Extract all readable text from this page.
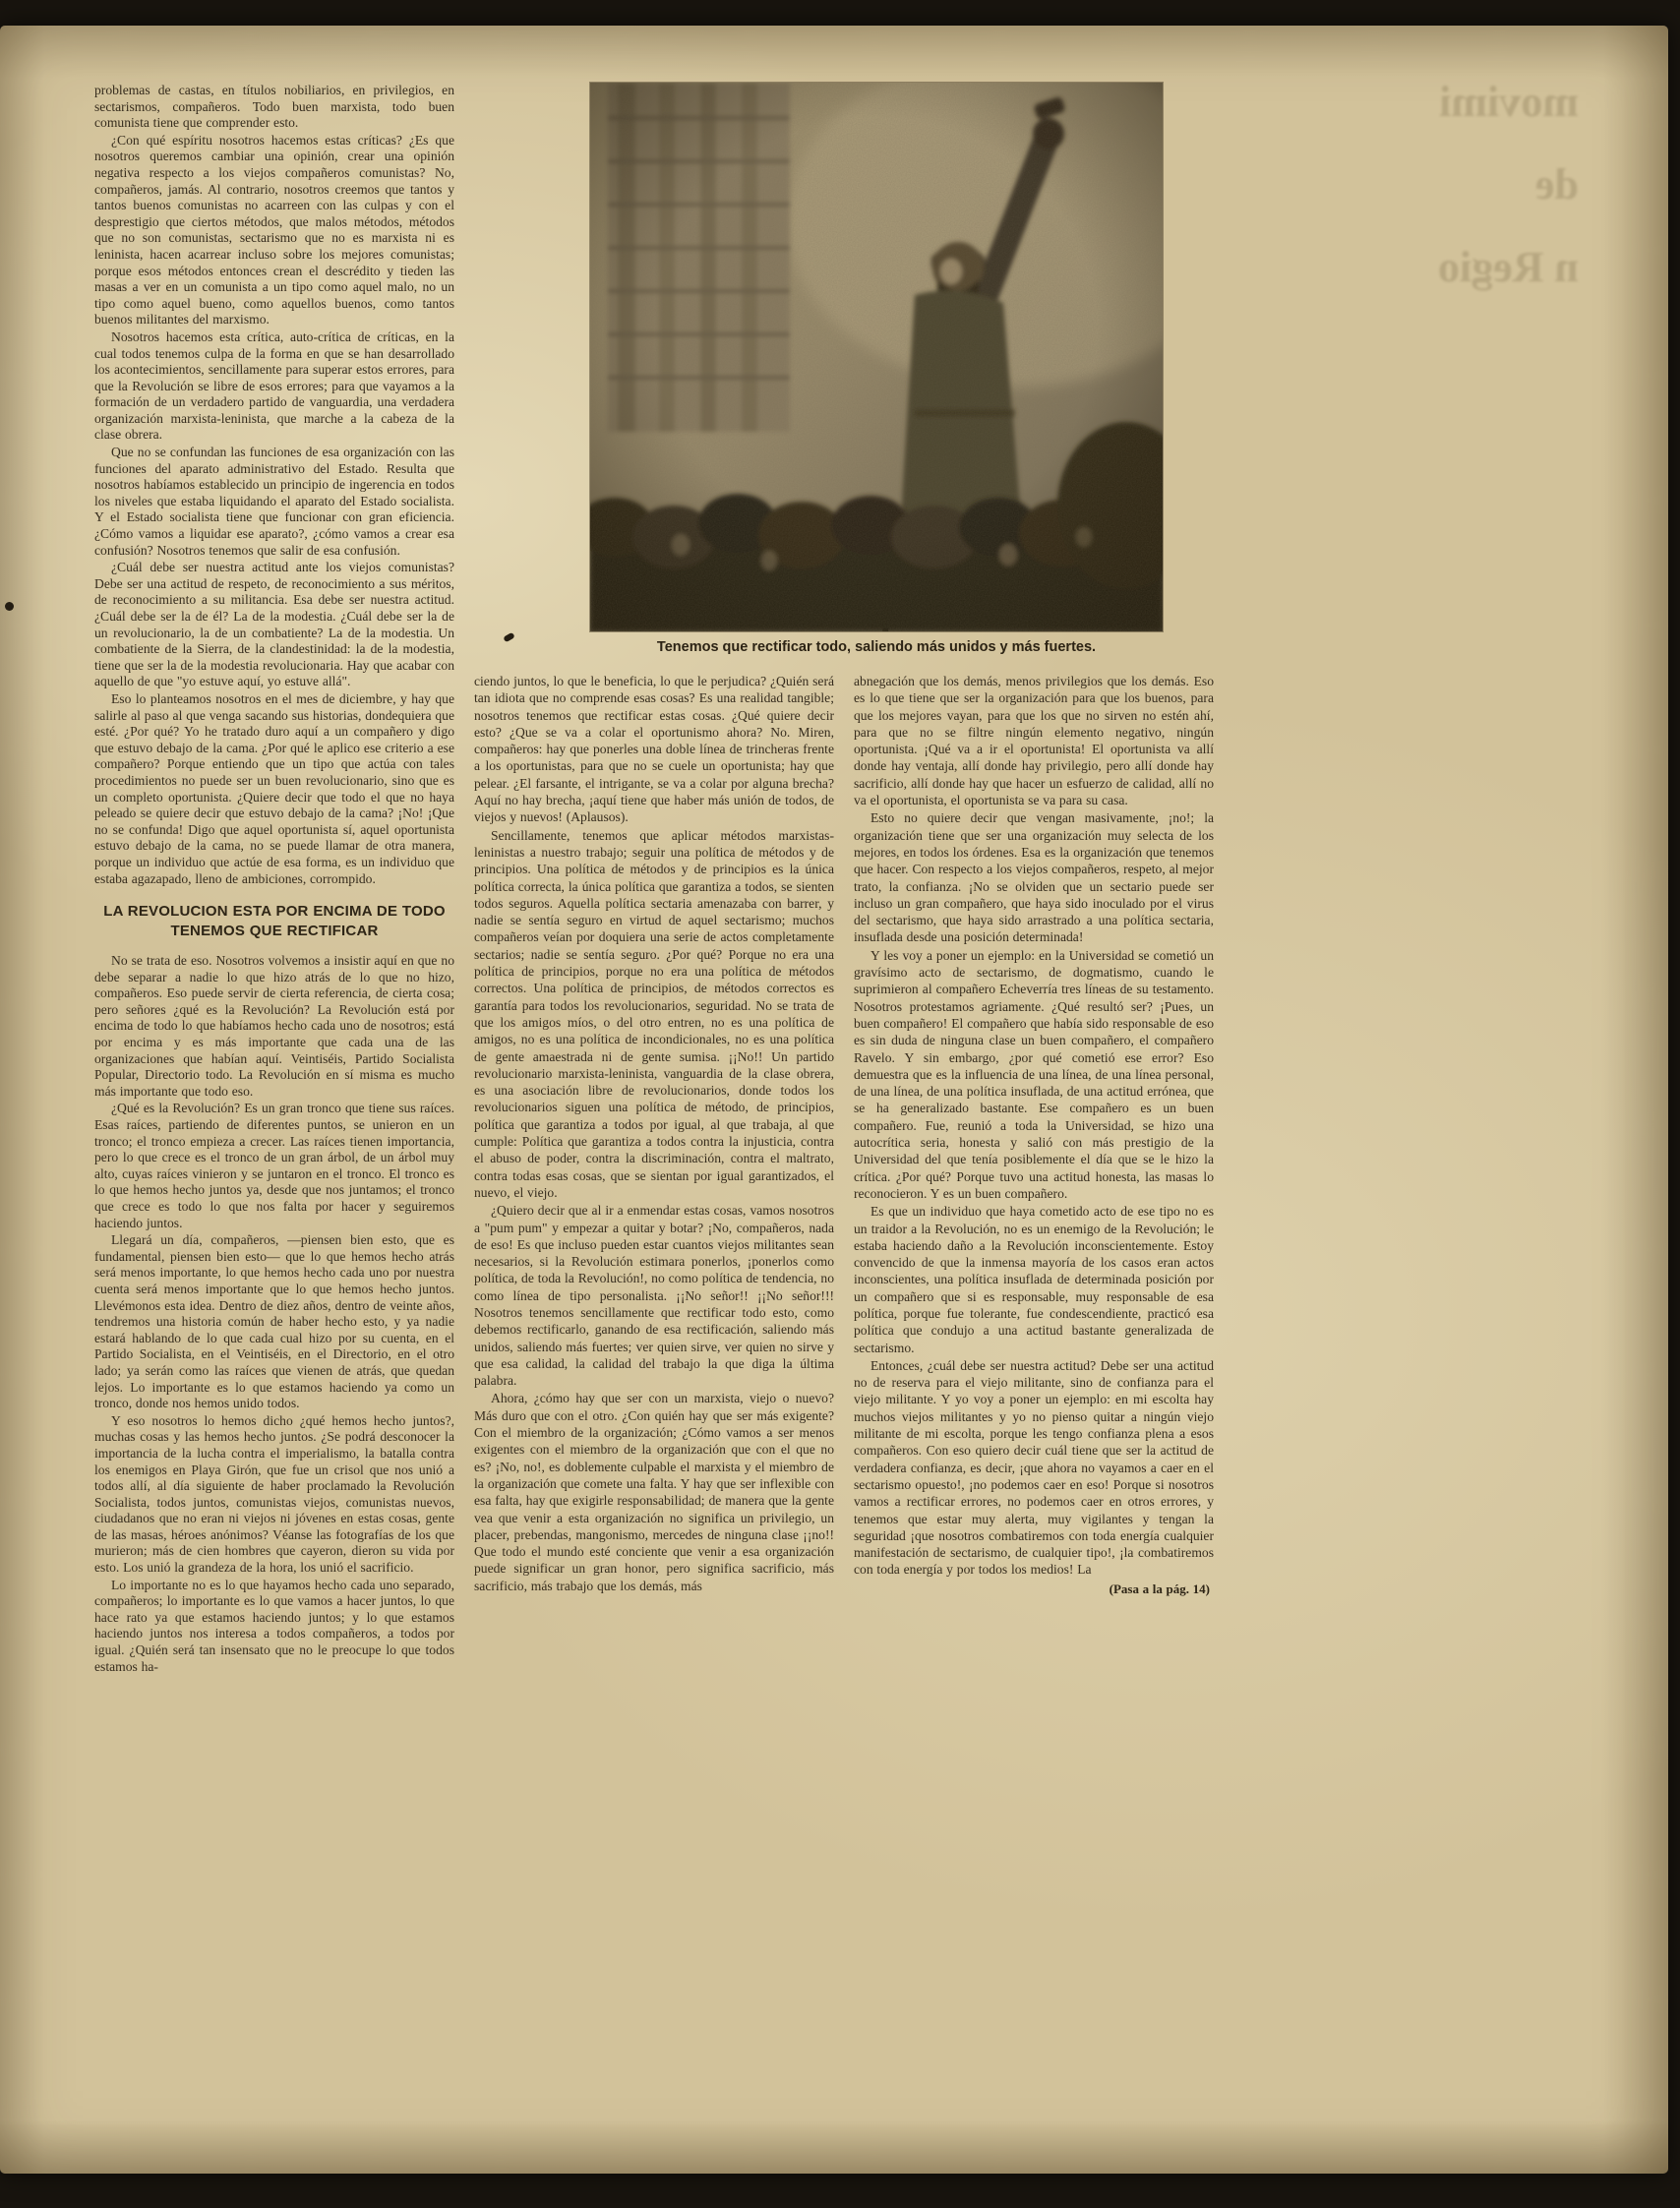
movimi

de

n Regio

problemas de castas, en títulos nobiliarios, en privilegios, en sectarismos, compañeros. Todo buen marxista, todo buen comunista tiene que comprender esto.

¿Con qué espíritu nosotros hacemos estas críticas? ¿Es que nosotros queremos cambiar una opinión, crear una opinión negativa respecto a los viejos compañeros comunistas? No, compañeros, jamás. Al contrario, nosotros creemos que tantos y tantos buenos comunistas no acarreen con las culpas y con el desprestigio que ciertos métodos, que malos métodos, métodos que no son comunistas, sectarismo que no es marxista ni es leninista, hacen acarrear incluso sobre los mejores comunistas; porque esos métodos entonces crean el descrédito y tieden las masas a ver en un comunista a un tipo como aquel malo, no un tipo como aquel bueno, como aquellos buenos, como tantos buenos militantes del marxismo.

Nosotros hacemos esta crítica, auto-crítica de críticas, en la cual todos tenemos culpa de la forma en que se han desarrollado los acontecimientos, sencillamente para superar estos errores, para que la Revolución se libre de esos errores; para que vayamos a la formación de un verdadero partido de vanguardia, una verdadera organización marxista-leninista, que marche a la cabeza de la clase obrera.

Que no se confundan las funciones de esa organización con las funciones del aparato administrativo del Estado. Resulta que nosotros habíamos establecido un principio de ingerencia en todos los niveles que estaba liquidando el aparato del Estado socialista. Y el Estado socialista tiene que funcionar con gran eficiencia. ¿Cómo vamos a liquidar ese aparato?, ¿cómo vamos a crear esa confusión? Nosotros tenemos que salir de esa confusión.

¿Cuál debe ser nuestra actitud ante los viejos comunistas? Debe ser una actitud de respeto, de reconocimiento a sus méritos, de reconocimiento a su militancia. Esa debe ser nuestra actitud. ¿Cuál debe ser la de él? La de la modestia. ¿Cuál debe ser la de un revolucionario, la de un combatiente? La de la modestia. Un combatiente de la Sierra, de la clandestinidad: la de la modestia, tiene que ser la de la modestia revolucionaria. Hay que acabar con aquello de que "yo estuve aquí, yo estuve allá".

Eso lo planteamos nosotros en el mes de diciembre, y hay que salirle al paso al que venga sacando sus historias, dondequiera que esté. ¿Por qué? Yo he tratado duro aquí a un compañero y digo que estuvo debajo de la cama. ¿Por qué le aplico ese criterio a ese compañero? Porque entiendo que un tipo que actúa con tales procedimientos no puede ser un buen revolucionario, sino que es un completo oportunista. ¿Quiere decir que todo el que no haya peleado se quiere decir que estuvo debajo de la cama? ¡No! ¡Que no se confunda! Digo que aquel oportunista sí, aquel oportunista estuvo debajo de la cama, no se puede llamar de otra manera, porque un individuo que actúe de esa forma, es un individuo que estaba agazapado, lleno de ambiciones, corrompido.

LA REVOLUCION ESTA POR ENCIMA DE TODO
TENEMOS QUE RECTIFICAR

No se trata de eso. Nosotros volvemos a insistir aquí en que no debe separar a nadie lo que hizo atrás de lo que no hizo, compañeros. Eso puede servir de cierta referencia, de cierta cosa; pero señores ¿qué es la Revolución? La Revolución está por encima de todo lo que habíamos hecho cada uno de nosotros; está por encima y es más importante que cada una de las organizaciones que habían aquí. Veintiséis, Partido Socialista Popular, Directorio todo. La Revolución en sí misma es mucho más importante que todo eso.

¿Qué es la Revolución? Es un gran tronco que tiene sus raíces. Esas raíces, partiendo de diferentes puntos, se unieron en un tronco; el tronco empieza a crecer. Las raíces tienen importancia, pero lo que crece es el tronco de un gran árbol, de un árbol muy alto, cuyas raíces vinieron y se juntaron en el tronco. El tronco es lo que hemos hecho juntos ya, desde que nos juntamos; el tronco que crece es todo lo que nos falta por hacer y seguiremos haciendo juntos.

Llegará un día, compañeros, —piensen bien esto, que es fundamental, piensen bien esto— que lo que hemos hecho atrás será menos importante, lo que hemos hecho cada uno por nuestra cuenta será menos importante que lo que hemos hecho juntos. Llevémonos esta idea. Dentro de diez años, dentro de veinte años, tendremos una historia común de haber hecho esto, y ya nadie estará hablando de lo que cada cual hizo por su cuenta, en el Partido Socialista, en el Veintiséis, en el Directorio, en el otro lado; ya serán como las raíces que vienen de atrás, que quedan lejos. Lo importante es lo que estamos haciendo ya como un tronco, donde nos hemos unido todos.

Y eso nosotros lo hemos dicho ¿qué hemos hecho juntos?, muchas cosas y las hemos hecho juntos. ¿Se podrá desconocer la importancia de la lucha contra el imperialismo, la batalla contra los enemigos en Playa Girón, que fue un crisol que nos unió a todos allí, al día siguiente de haber proclamado la Revolución Socialista, todos juntos, comunistas viejos, comunistas nuevos, ciudadanos que no eran ni viejos ni jóvenes en estas cosas, gente de las masas, héroes anónimos? Véanse las fotografías de los que murieron; más de cien hombres que cayeron, dieron su vida por esto. Los unió la grandeza de la hora, los unió el sacrificio.

Lo importante no es lo que hayamos hecho cada uno separado, compañeros; lo importante es lo que vamos a hacer juntos, lo que hace rato ya que estamos haciendo juntos; y lo que estamos haciendo juntos nos interesa a todos compañeros, a todos por igual. ¿Quién será tan insensato que no le preocupe lo que todos estamos ha-

Tenemos que rectificar todo, saliendo más unidos y más fuertes.

ciendo juntos, lo que le beneficia, lo que le perjudica? ¿Quién será tan idiota que no comprende esas cosas? Es una realidad tangible; nosotros tenemos que rectificar estas cosas. ¿Qué quiere decir esto? ¿Que se va a colar el oportunismo ahora? No. Miren, compañeros: hay que ponerles una doble línea de trincheras frente a los oportunistas, para que no se cuele un oportunista; hay que pelear. ¿El farsante, el intrigante, se va a colar por alguna brecha? Aquí no hay brecha, ¡aquí tiene que haber más unión de todos, de viejos y nuevos! (Aplausos).

Sencillamente, tenemos que aplicar métodos marxistas-leninistas a nuestro trabajo; seguir una política de métodos y de principios. Una política de métodos y de principios es la única política correcta, la única política que garantiza a todos, se sienten todos seguros. Aquella política sectaria amenazaba con barrer, y nadie se sentía seguro en virtud de aquel sectarismo; muchos compañeros veían por doquiera una serie de actos completamente sectarios; nadie se sentía seguro. ¿Por qué? Porque no era una política de principios, porque no era una política de métodos correctos. Una política de principios, de métodos correctos es garantía para todos los revolucionarios, seguridad. No se trata de que los amigos míos, o del otro entren, no es una política de amigos, no es una política de incondicionales, no es una política de gente amaestrada ni de gente sumisa. ¡¡No!! Un partido revolucionario marxista-leninista, vanguardia de la clase obrera, es una asociación libre de revolucionarios, donde todos los revolucionarios siguen una política de método, de principios, política que garantiza a todos por igual, al que trabaja, al que cumple: Política que garantiza a todos contra la injusticia, contra el abuso de poder, contra la discriminación, contra el maltrato, contra todas esas cosas, que se sientan por igual garantizados, el nuevo, el viejo.

¿Quiero decir que al ir a enmendar estas cosas, vamos nosotros a "pum pum" y empezar a quitar y botar? ¡No, compañeros, nada de eso! Es que incluso pueden estar cuantos viejos militantes sean necesarios, si la Revolución estimara ponerlos, ¡ponerlos como política, de toda la Revolución!, no como política de tendencia, no como línea de tipo personalista. ¡¡No señor!! ¡¡No señor!!! Nosotros tenemos sencillamente que rectificar todo esto, como debemos rectificarlo, ganando de esa rectificación, saliendo más unidos, saliendo más fuertes; ver quien sirve, ver quien no sirve y que esa calidad, la calidad del trabajo la que diga la última palabra.

Ahora, ¿cómo hay que ser con un marxista, viejo o nuevo? Más duro que con el otro. ¿Con quién hay que ser más exigente? Con el miembro de la organización; ¿Cómo vamos a ser menos exigentes con el miembro de la organización que con el que no es? ¡No, no!, es doblemente culpable el marxista y el miembro de la organización que comete una falta. Y hay que ser inflexible con esa falta, hay que exigirle responsabilidad; de manera que la gente vea que venir a esta organización no significa un privilegio, un placer, prebendas, mangonismo, mercedes de ninguna clase ¡¡no!! Que todo el mundo esté conciente que venir a esa organización puede significar un gran honor, pero significa sacrificio, más sacrificio, más trabajo que los demás, más

abnegación que los demás, menos privilegios que los demás. Eso es lo que tiene que ser la organización para que los buenos, para que los mejores vayan, para que los que no sirven no estén ahí, para que no se filtre ningún elemento negativo, ningún oportunista. ¡Qué va a ir el oportunista! El oportunista va allí donde hay ventaja, allí donde hay privilegio, pero allí donde hay sacrificio, allí donde hay que hacer un esfuerzo de calidad, allí no va el oportunista, el oportunista se va para su casa.

Esto no quiere decir que vengan masivamente, ¡no!; la organización tiene que ser una organización muy selecta de los mejores, en todos los órdenes. Esa es la organización que tenemos que hacer. Con respecto a los viejos compañeros, respeto, al mejor trato, la confianza. ¡No se olviden que un sectario puede ser incluso un gran compañero, que haya sido inoculado por el virus del sectarismo, que haya sido arrastrado a una política sectaria, insuflada desde una posición determinada!

Y les voy a poner un ejemplo: en la Universidad se cometió un gravísimo acto de sectarismo, de dogmatismo, cuando le suprimieron al compañero Echeverría tres líneas de su testamento. Nosotros protestamos agriamente. ¿Qué resultó ser? ¡Pues, un buen compañero! El compañero que había sido responsable de eso es sin duda de ninguna clase un buen compañero, el compañero Ravelo. Y sin embargo, ¿por qué cometió ese error? Eso demuestra que es la influencia de una línea, de una línea personal, de una línea, de una política insuflada, de una actitud errónea, que se ha generalizado bastante. Ese compañero es un buen compañero. Fue, reunió a toda la Universidad, se hizo una autocrítica seria, honesta y salió con más prestigio de la Universidad del que tenía posiblemente el día que se le hizo la crítica. ¿Por qué? Porque tuvo una actitud honesta, las masas lo reconocieron. Y es un buen compañero.

Es que un individuo que haya cometido acto de ese tipo no es un traidor a la Revolución, no es un enemigo de la Revolución; le estaba haciendo daño a la Revolución inconscientemente. Estoy convencido de que la inmensa mayoría de los casos eran actos inconscientes, una política insuflada de determinada posición por un compañero que si es responsable, muy responsable de esa política, porque fue tolerante, fue condescendiente, practicó esa política que condujo a una actitud bastante generalizada de sectarismo.

Entonces, ¿cuál debe ser nuestra actitud? Debe ser una actitud no de reserva para el viejo militante, sino de confianza para el viejo militante. Y yo voy a poner un ejemplo: en mi escolta hay muchos viejos militantes y yo no pienso quitar a ningún viejo militante de mi escolta, porque les tengo confianza plena a esos compañeros. Con eso quiero decir cuál tiene que ser la actitud de verdadera confianza, es decir, ¡que ahora no vayamos a caer en el sectarismo opuesto!, ¡no podemos caer en eso! Porque si nosotros vamos a rectificar errores, no podemos caer en otros errores, y tenemos que estar muy alerta, muy vigilantes y tengan la seguridad ¡que nosotros combatiremos con toda energía cualquier manifestación de sectarismo, de cualquier tipo!, ¡la combatiremos con toda energía y por todos los medios! La

(Pasa a la pág. 14)
